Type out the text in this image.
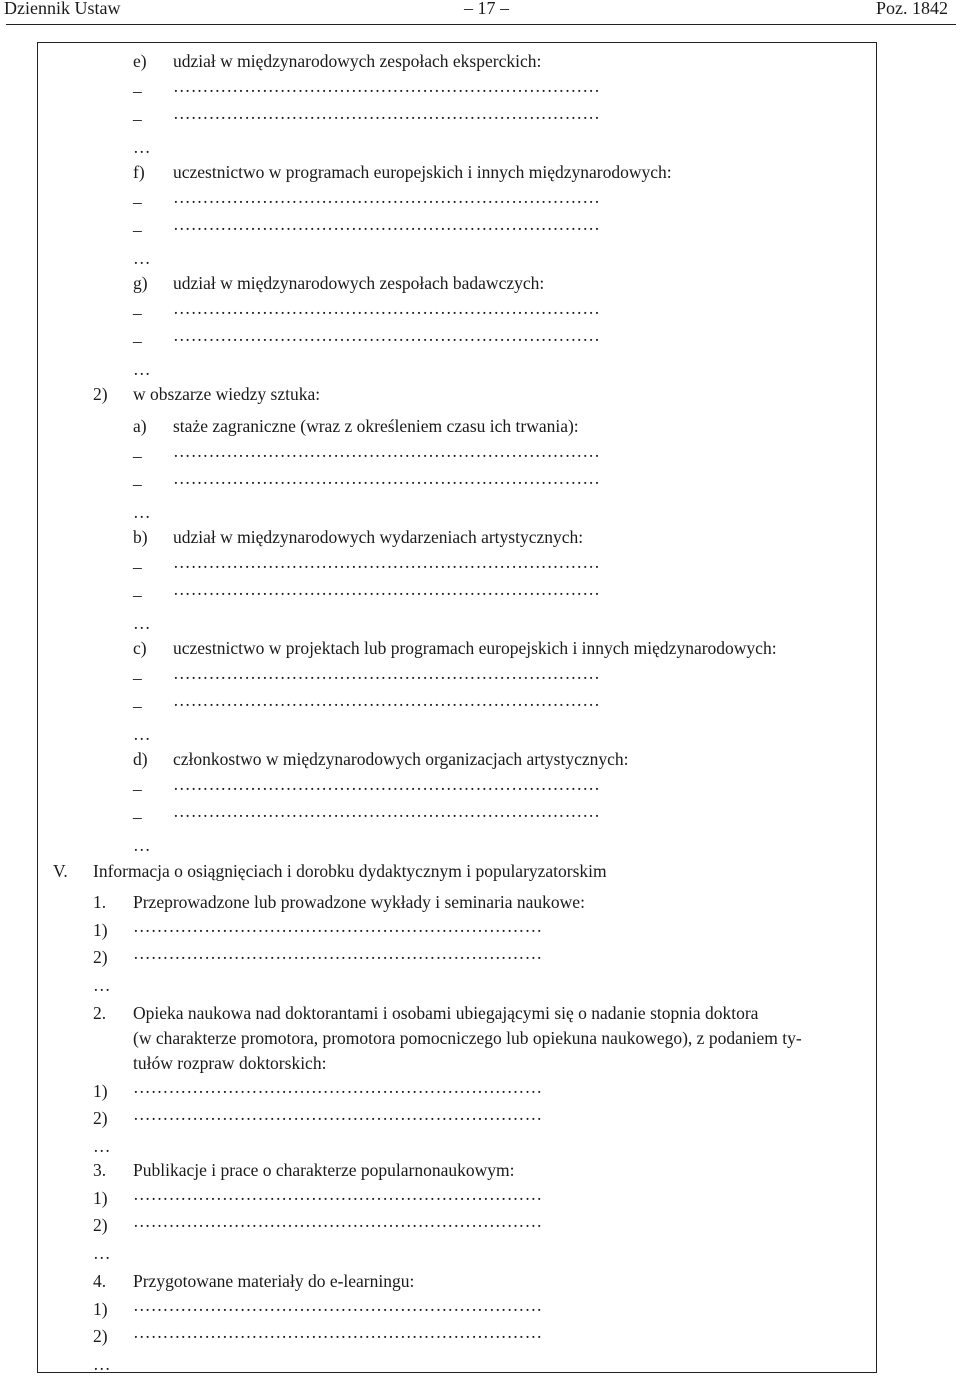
Dziennik Ustaw	– 17 –	Poz. 1842
e) udział w międzynarodowych zespołach eksperckich:
– ………………………………………………………………
– ………………………………………………………………
…
f) uczestnictwo w programach europejskich i innych międzynarodowych:
– ………………………………………………………………
– ………………………………………………………………
…
g) udział w międzynarodowych zespołach badawczych:
– ………………………………………………………………
– ………………………………………………………………
…
2) w obszarze wiedzy sztuka:
a) staże zagraniczne (wraz z określeniem czasu ich trwania):
– ………………………………………………………………
– ………………………………………………………………
…
b) udział w międzynarodowych wydarzeniach artystycznych:
– ………………………………………………………………
– ………………………………………………………………
…
c) uczestnictwo w projektach lub programach europejskich i innych międzynarodowych:
– ………………………………………………………………
– ………………………………………………………………
…
d) członkostwo w międzynarodowych organizacjach artystycznych:
– ………………………………………………………………
– ………………………………………………………………
…
V. Informacja o osiągnięciach i dorobku dydaktycznym i popularyzatorskim
1. Przeprowadzone lub prowadzone wykłady i seminaria naukowe:
1) ……………………………………………………………
2) ……………………………………………………………
…
2. Opieka naukowa nad doktorantami i osobami ubiegającymi się o nadanie stopnia doktora
(w charakterze promotora, promotora pomocniczego lub opiekuna naukowego), z podaniem ty-
tułów rozpraw doktorskich:
1) ……………………………………………………………
2) ……………………………………………………………
…
3. Publikacje i prace o charakterze popularnonaukowym:
1) ……………………………………………………………
2) ……………………………………………………………
…
4. Przygotowane materiały do e-learningu:
1) ……………………………………………………………
2) ……………………………………………………………
…
